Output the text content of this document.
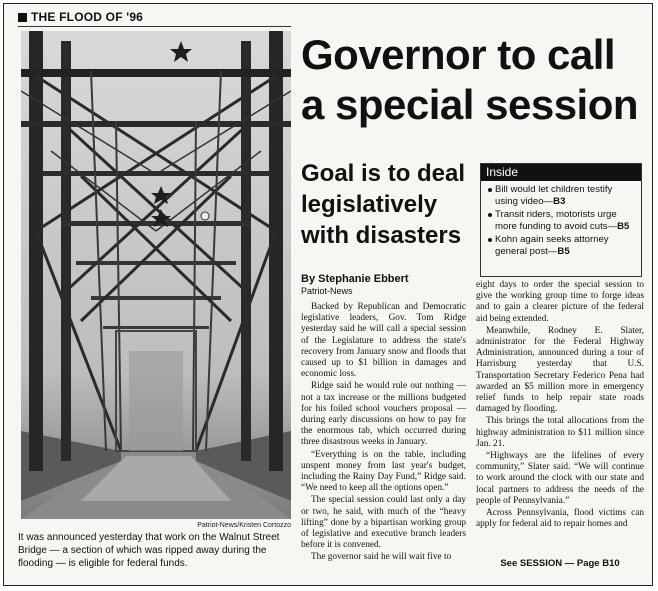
THE FLOOD OF '96
Patriot-News/Kristen Cortozzo
It was announced yesterday that work on the Walnut Street Bridge — a section of which was ripped away during the flooding — is eligible for federal funds.
Governor to call
a special session
Goal is to deal legislatively with disasters
Inside
Bill would let children testify using video—B3
Transit riders, motorists urge more funding to avoid cuts—B5
Kohn again seeks attorney general post—B5
By Stephanie Ebbert
Patriot-News

Backed by Republican and Democratic legislative leaders, Gov. Tom Ridge yesterday said he will call a special session of the Legislature to address the state's recovery from January snow and floods that caused up to $1 billion in damages and economic loss.

Ridge said he would rule out nothing — not a tax increase or the millions budgeted for his foiled school vouchers proposal — during early discussions on how to pay for the enormous tab, which occurred during three disastrous weeks in January.

“Everything is on the table, including unspent money from last year's budget, including the Rainy Day Fund,” Ridge said. “We need to keep all the options open.”

The special session could last only a day or two, he said, with much of the “heavy lifting” done by a bipartisan working group of legislative and executive branch leaders before it is convened.

The governor said he will wait five to

eight days to order the special session to give the working group time to forge ideas and to gain a clearer picture of the federal aid being extended.

Meanwhile, Rodney E. Slater, administrator for the Federal Highway Administration, announced during a tour of Harrisburg yesterday that U.S. Transportation Secretary Federico Pena had awarded an $5 million more in emergency relief funds to help repair state roads damaged by flooding.

This brings the total allocations from the highway administration to $11 million since Jan. 21.

“Highways are the lifelines of every community,” Slater said. “We will continue to work around the clock with our state and local partners to address the needs of the people of Pennsylvania.”

Across Pennsylvania, flood victims can apply for federal aid to repair homes and

See SESSION — Page B10
